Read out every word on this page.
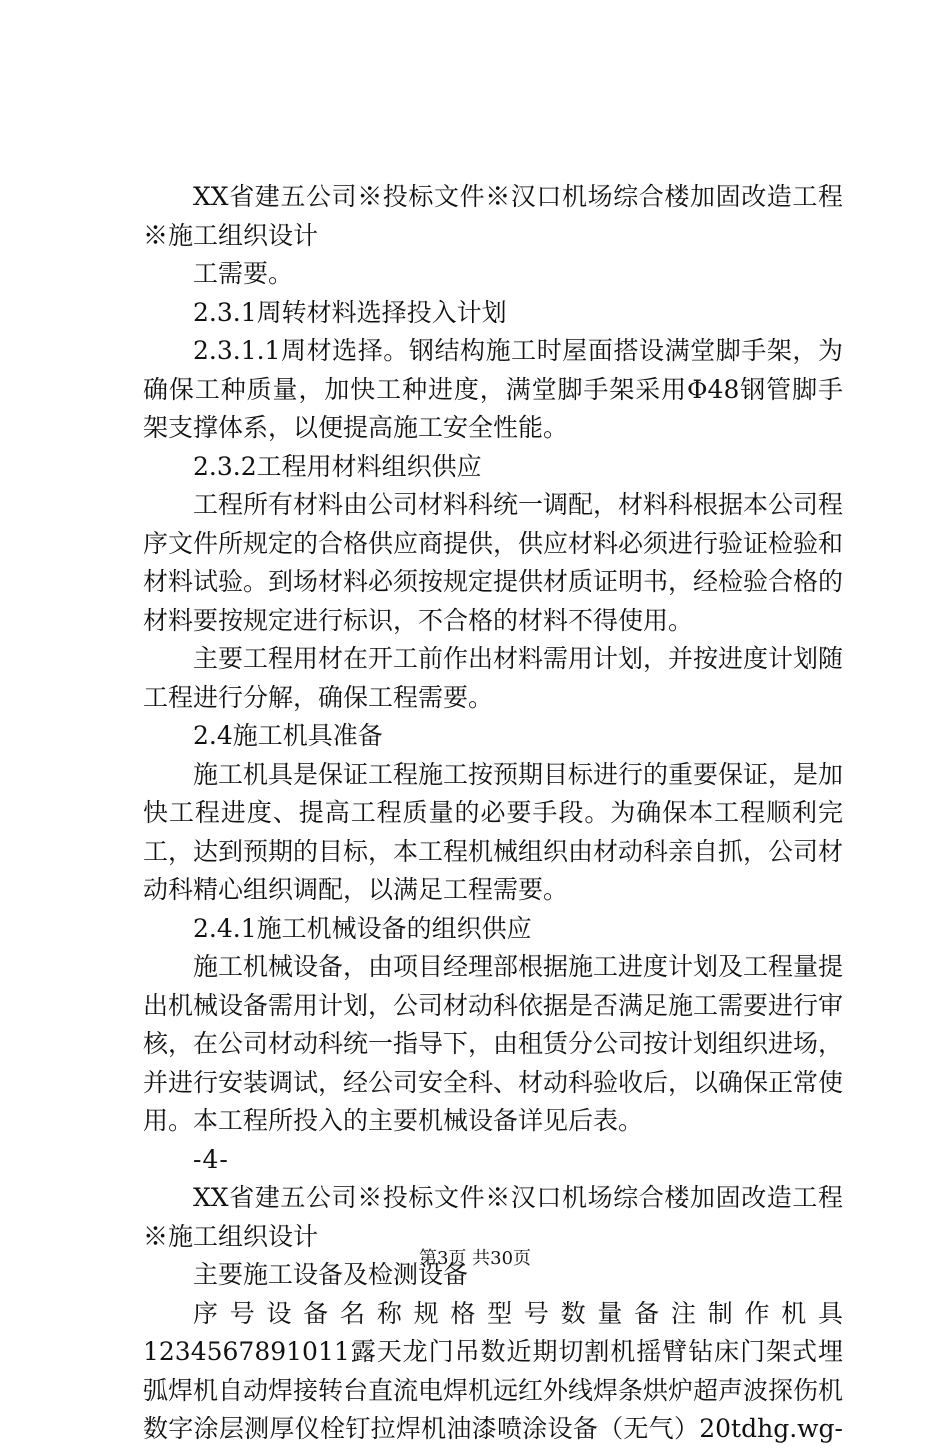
XX省建五公司※投标文件※汉口机场综合楼加固改造工程※施工组织设计

工需要。

2.3.1周转材料选择投入计划

2.3.1.1周材选择。钢结构施工时屋面搭设满堂脚手架，为确保工种质量，加快工种进度，满堂脚手架采用Φ48钢管脚手架支撑体系，以便提高施工安全性能。

2.3.2工程用材料组织供应

工程所有材料由公司材料科统一调配，材料科根据本公司程序文件所规定的合格供应商提供，供应材料必须进行验证检验和材料试验。到场材料必须按规定提供材质证明书，经检验合格的材料要按规定进行标识，不合格的材料不得使用。

主要工程用材在开工前作出材料需用计划，并按进度计划随工程进行分解，确保工程需要。

2.4施工机具准备

施工机具是保证工程施工按预期目标进行的重要保证，是加快工程进度、提高工程质量的必要手段。为确保本工程顺利完工，达到预期的目标，本工程机械组织由材动科亲自抓，公司材动科精心组织调配，以满足工程需要。

2.4.1施工机械设备的组织供应

施工机械设备，由项目经理部根据施工进度计划及工程量提出机械设备需用计划，公司材动科依据是否满足施工需要进行审核，在公司材动科统一指导下，由租赁分公司按计划组织进场，并进行安装调试，经公司安全科、材动科验收后，以确保正常使用。本工程所投入的主要机械设备详见后表。

-4-

XX省建五公司※投标文件※汉口机场综合楼加固改造工程※施工组织设计

主要施工设备及检测设备

序号设备名称规格型号数量备注制作机具1234567891011露天龙门吊数近期切割机摇臂钻床门架式埋弧焊机自动焊接转台直流电焊机远红外线焊条烘炉超声波探伤机数字涂层测厚仪栓钉拉焊机油漆喷涂设备（无气）20tdhg.wg-

第3页 共30页
